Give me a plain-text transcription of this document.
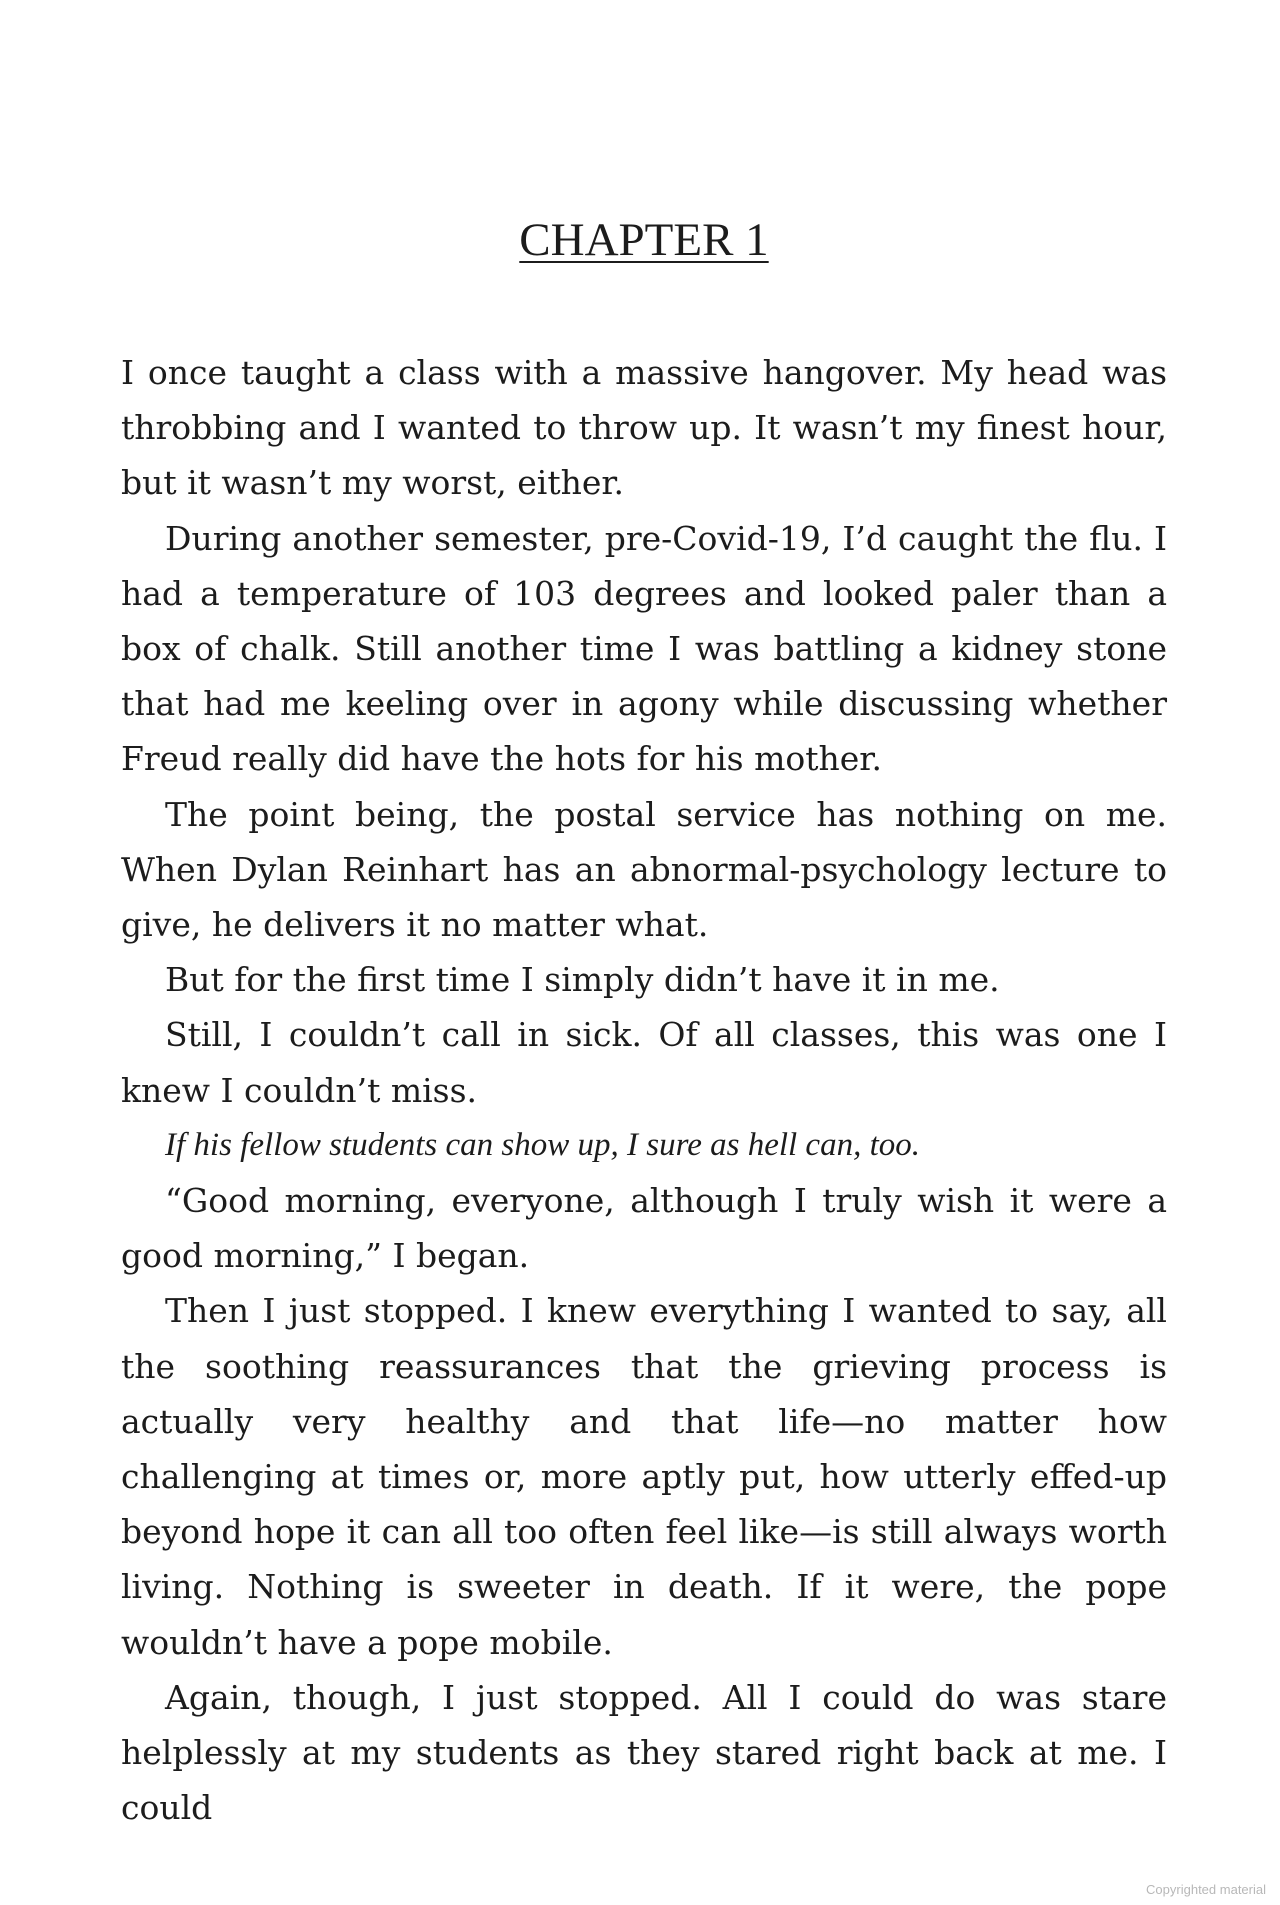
CHAPTER 1

I once taught a class with a massive hangover. My head was throbbing and I wanted to throw up. It wasn’t my finest hour, but it wasn’t my worst, either.

During another semester, pre-Covid-19, I’d caught the flu. I had a temperature of 103 degrees and looked paler than a box of chalk. Still another time I was battling a kidney stone that had me keeling over in agony while discussing whether Freud really did have the hots for his mother.

The point being, the postal service has nothing on me. When Dylan Reinhart has an abnormal-psychology lecture to give, he delivers it no matter what.

But for the first time I simply didn’t have it in me.

Still, I couldn’t call in sick. Of all classes, this was one I knew I couldn’t miss.

If his fellow students can show up, I sure as hell can, too.

“Good morning, everyone, although I truly wish it were a good morning,” I began.

Then I just stopped. I knew everything I wanted to say, all the soothing reassurances that the grieving process is actually very healthy and that life—no matter how challenging at times or, more aptly put, how utterly effed-up beyond hope it can all too often feel like—is still always worth living. Nothing is sweeter in death. If it were, the pope wouldn’t have a pope mobile.

Again, though, I just stopped. All I could do was stare helplessly at my students as they stared right back at me. I could

Copyrighted material
